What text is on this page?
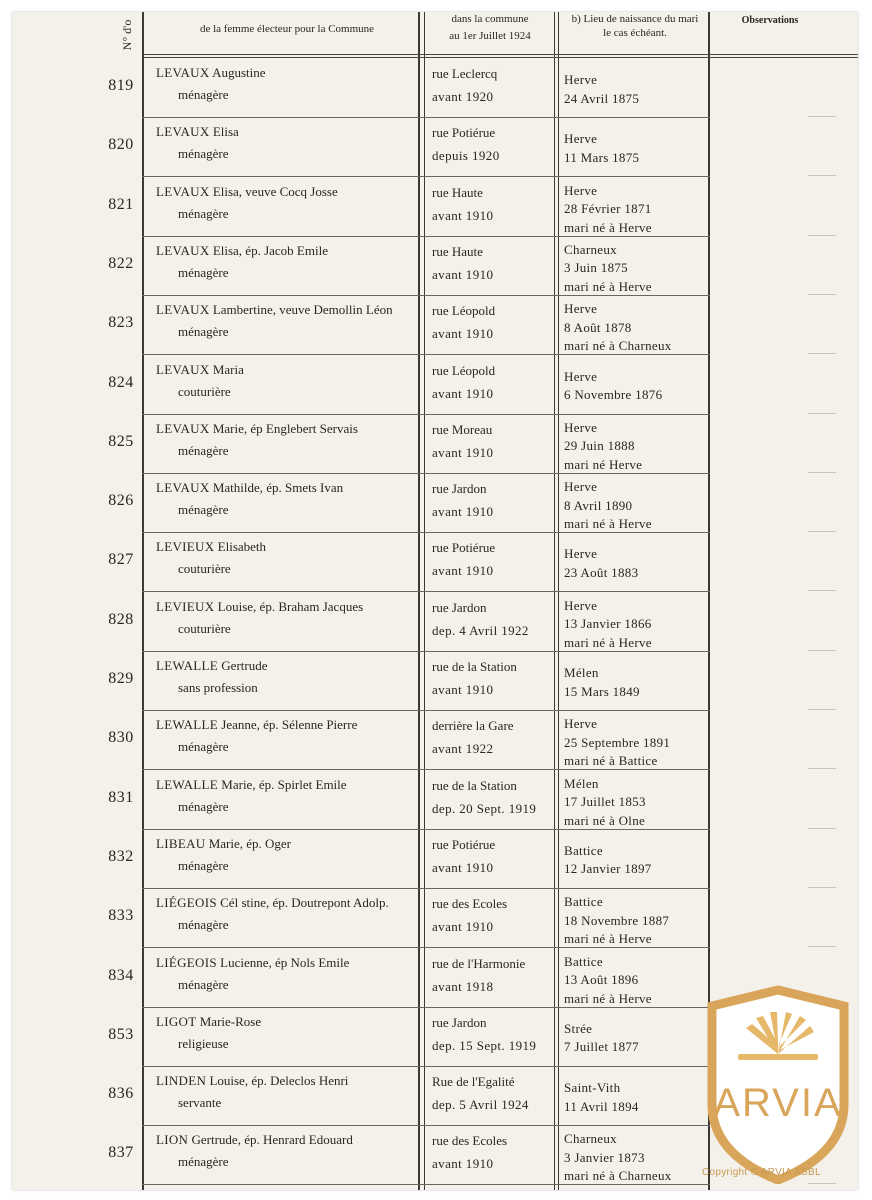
N° d'o	de la femme électeur pour la Commune
dans la commune
au 1er Juillet 1924
b) Lieu de naissance du mari
le cas échéant.
Observations
819
LEVAUX Augustine
ménagère
rue Leclercq
avant 1920
Herve
24 Avril 1875
820
LEVAUX Elisa
ménagère
rue Potiérue
depuis 1920
Herve
11 Mars 1875
821
LEVAUX Elisa, veuve Cocq Josse
ménagère
rue Haute
avant 1910
Herve
28 Février 1871
mari né à Herve
822
LEVAUX Elisa, ép. Jacob Emile
ménagère
rue Haute
avant 1910
Charneux
3 Juin 1875
mari né à Herve
823
LEVAUX Lambertine, veuve Demollin Léon
ménagère
rue Léopold
avant 1910
Herve
8 Août 1878
mari né à Charneux
824
LEVAUX Maria
couturière
rue Léopold
avant 1910
Herve
6 Novembre 1876
825
LEVAUX Marie, ép Englebert Servais
ménagère
rue Moreau
avant 1910
Herve
29 Juin 1888
mari né Herve
826
LEVAUX Mathilde, ép. Smets Ivan
ménagère
rue Jardon
avant 1910
Herve
8 Avril 1890
mari né à Herve
827
LEVIEUX Elisabeth
couturière
rue Potiérue
avant 1910
Herve
23 Août 1883
828
LEVIEUX Louise, ép. Braham Jacques
couturière
rue Jardon
dep. 4 Avril 1922
Herve
13 Janvier 1866
mari né à Herve
829
LEWALLE Gertrude
sans profession
rue de la Station
avant 1910
Mélen
15 Mars 1849
830
LEWALLE Jeanne, ép. Sélenne Pierre
ménagère
derrière la Gare
avant 1922
Herve
25 Septembre 1891
mari né à Battice
831
LEWALLE Marie, ép. Spirlet Emile
ménagère
rue de la Station
dep. 20 Sept. 1919
Mélen
17 Juillet 1853
mari né à Olne
832
LIBEAU Marie, ép. Oger
ménagère
rue Potiérue
avant 1910
Battice
12 Janvier 1897
833
LIÉGEOIS Cél stine, ép. Doutrepont Adolp.
ménagère
rue des Ecoles
avant 1910
Battice
18 Novembre 1887
mari né à Herve
834
LIÉGEOIS Lucienne, ép Nols Emile
ménagère
rue de l'Harmonie
avant 1918
Battice
13 Août 1896
mari né à Herve
853
LIGOT Marie-Rose
religieuse
rue Jardon
dep. 15 Sept. 1919
Strée
7 Juillet 1877
836
LINDEN Louise, ép. Deleclos Henri
servante
Rue de l'Egalité
dep. 5 Avril 1924
Saint-Vith
11 Avril 1894
837
LION Gertrude, ép. Henrard Edouard
ménagère
rue des Ecoles
avant 1910
Charneux
3 Janvier 1873
mari né à Charneux
ARVIA
Copyright © ARVIA ASBL
